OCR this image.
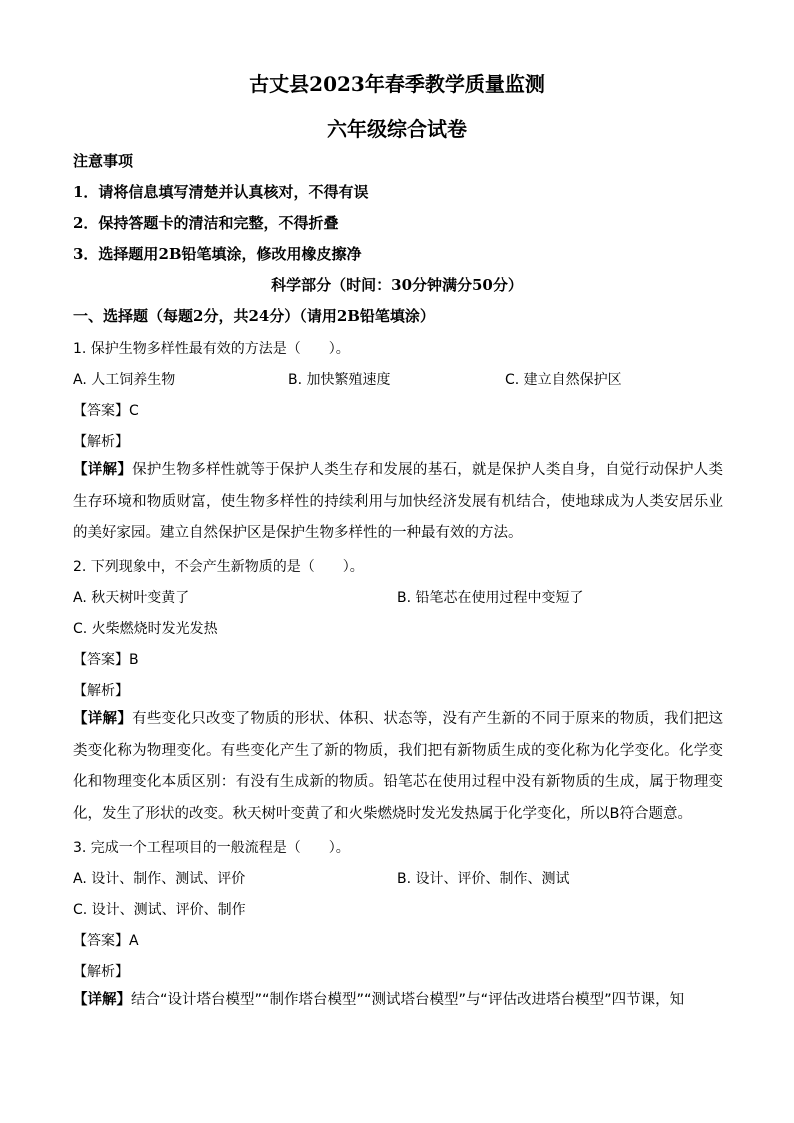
古丈县2023年春季教学质量监测
六年级综合试卷
注意事项
1．请将信息填写清楚并认真核对，不得有误
2．保持答题卡的清洁和完整，不得折叠
3．选择题用2B铅笔填涂，修改用橡皮擦净
科学部分（时间：30分钟满分50分）
一、选择题（每题2分，共24分）（请用2B铅笔填涂）
1. 保护生物多样性最有效的方法是（　　）。
A. 人工饲养生物	B. 加快繁殖速度	C. 建立自然保护区
【答案】C
【解析】
【详解】保护生物多样性就等于保护人类生存和发展的基石，就是保护人类自身，自觉行动保护人类生存环境和物质财富，使生物多样性的持续利用与加快经济发展有机结合，使地球成为人类安居乐业的美好家园。建立自然保护区是保护生物多样性的一种最有效的方法。
2. 下列现象中，不会产生新物质的是（　　）。
A. 秋天树叶变黄了	B. 铅笔芯在使用过程中变短了
C. 火柴燃烧时发光发热
【答案】B
【解析】
【详解】有些变化只改变了物质的形状、体积、状态等，没有产生新的不同于原来的物质，我们把这类变化称为物理变化。有些变化产生了新的物质，我们把有新物质生成的变化称为化学变化。化学变化和物理变化本质区别：有没有生成新的物质。铅笔芯在使用过程中没有新物质的生成，属于物理变化，发生了形状的改变。秋天树叶变黄了和火柴燃烧时发光发热属于化学变化，所以B符合题意。
3. 完成一个工程项目的一般流程是（　　）。
A. 设计、制作、测试、评价	B. 设计、评价、制作、测试
C. 设计、测试、评价、制作
【答案】A
【解析】
【详解】结合“设计塔台模型”“制作塔台模型”“测试塔台模型”与“评估改进塔台模型”四节课，知
